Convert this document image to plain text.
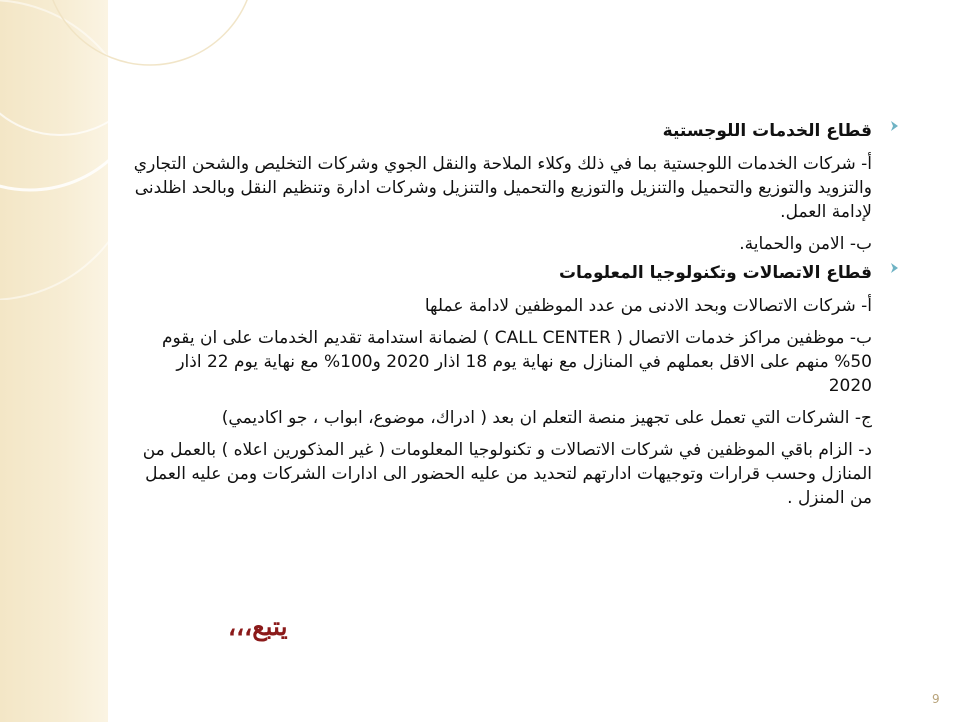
قطاع الخدمات اللوجستية

أ- شركات الخدمات اللوجستية بما في ذلك وكلاء الملاحة والنقل الجوي وشركات التخليص والشحن التجاري والتزويد والتوزيع والتحميل والتنزيل والتوزيع والتحميل والتنزيل وشركات ادارة وتنظيم النقل وبالحد اظلدنى لإدامة العمل.

ب- الامن والحماية.

قطاع الاتصالات وتكنولوجيا المعلومات

أ- شركات الاتصالات وبحد الادنى من عدد الموظفين لادامة عملها

ب- موظفين مراكز خدمات الاتصال ( CALL CENTER ) لضمانة استدامة تقديم الخدمات على ان يقوم 50% منهم على الاقل بعملهم في المنازل مع نهاية يوم 18 اذار 2020 و100% مع نهاية يوم 22 اذار 2020

ج- الشركات التي تعمل على تجهيز منصة التعلم ان بعد ( ادراك، موضوع، ابواب ، جو اكاديمي)

د- الزام باقي الموظفين في شركات الاتصالات و تكنولوجيا المعلومات ( غير المذكورين اعلاه ) بالعمل من المنازل وحسب قرارات وتوجيهات ادارتهم لتحديد من عليه الحضور الى ادارات الشركات ومن عليه العمل من المنزل .

يتبع،،،
9
